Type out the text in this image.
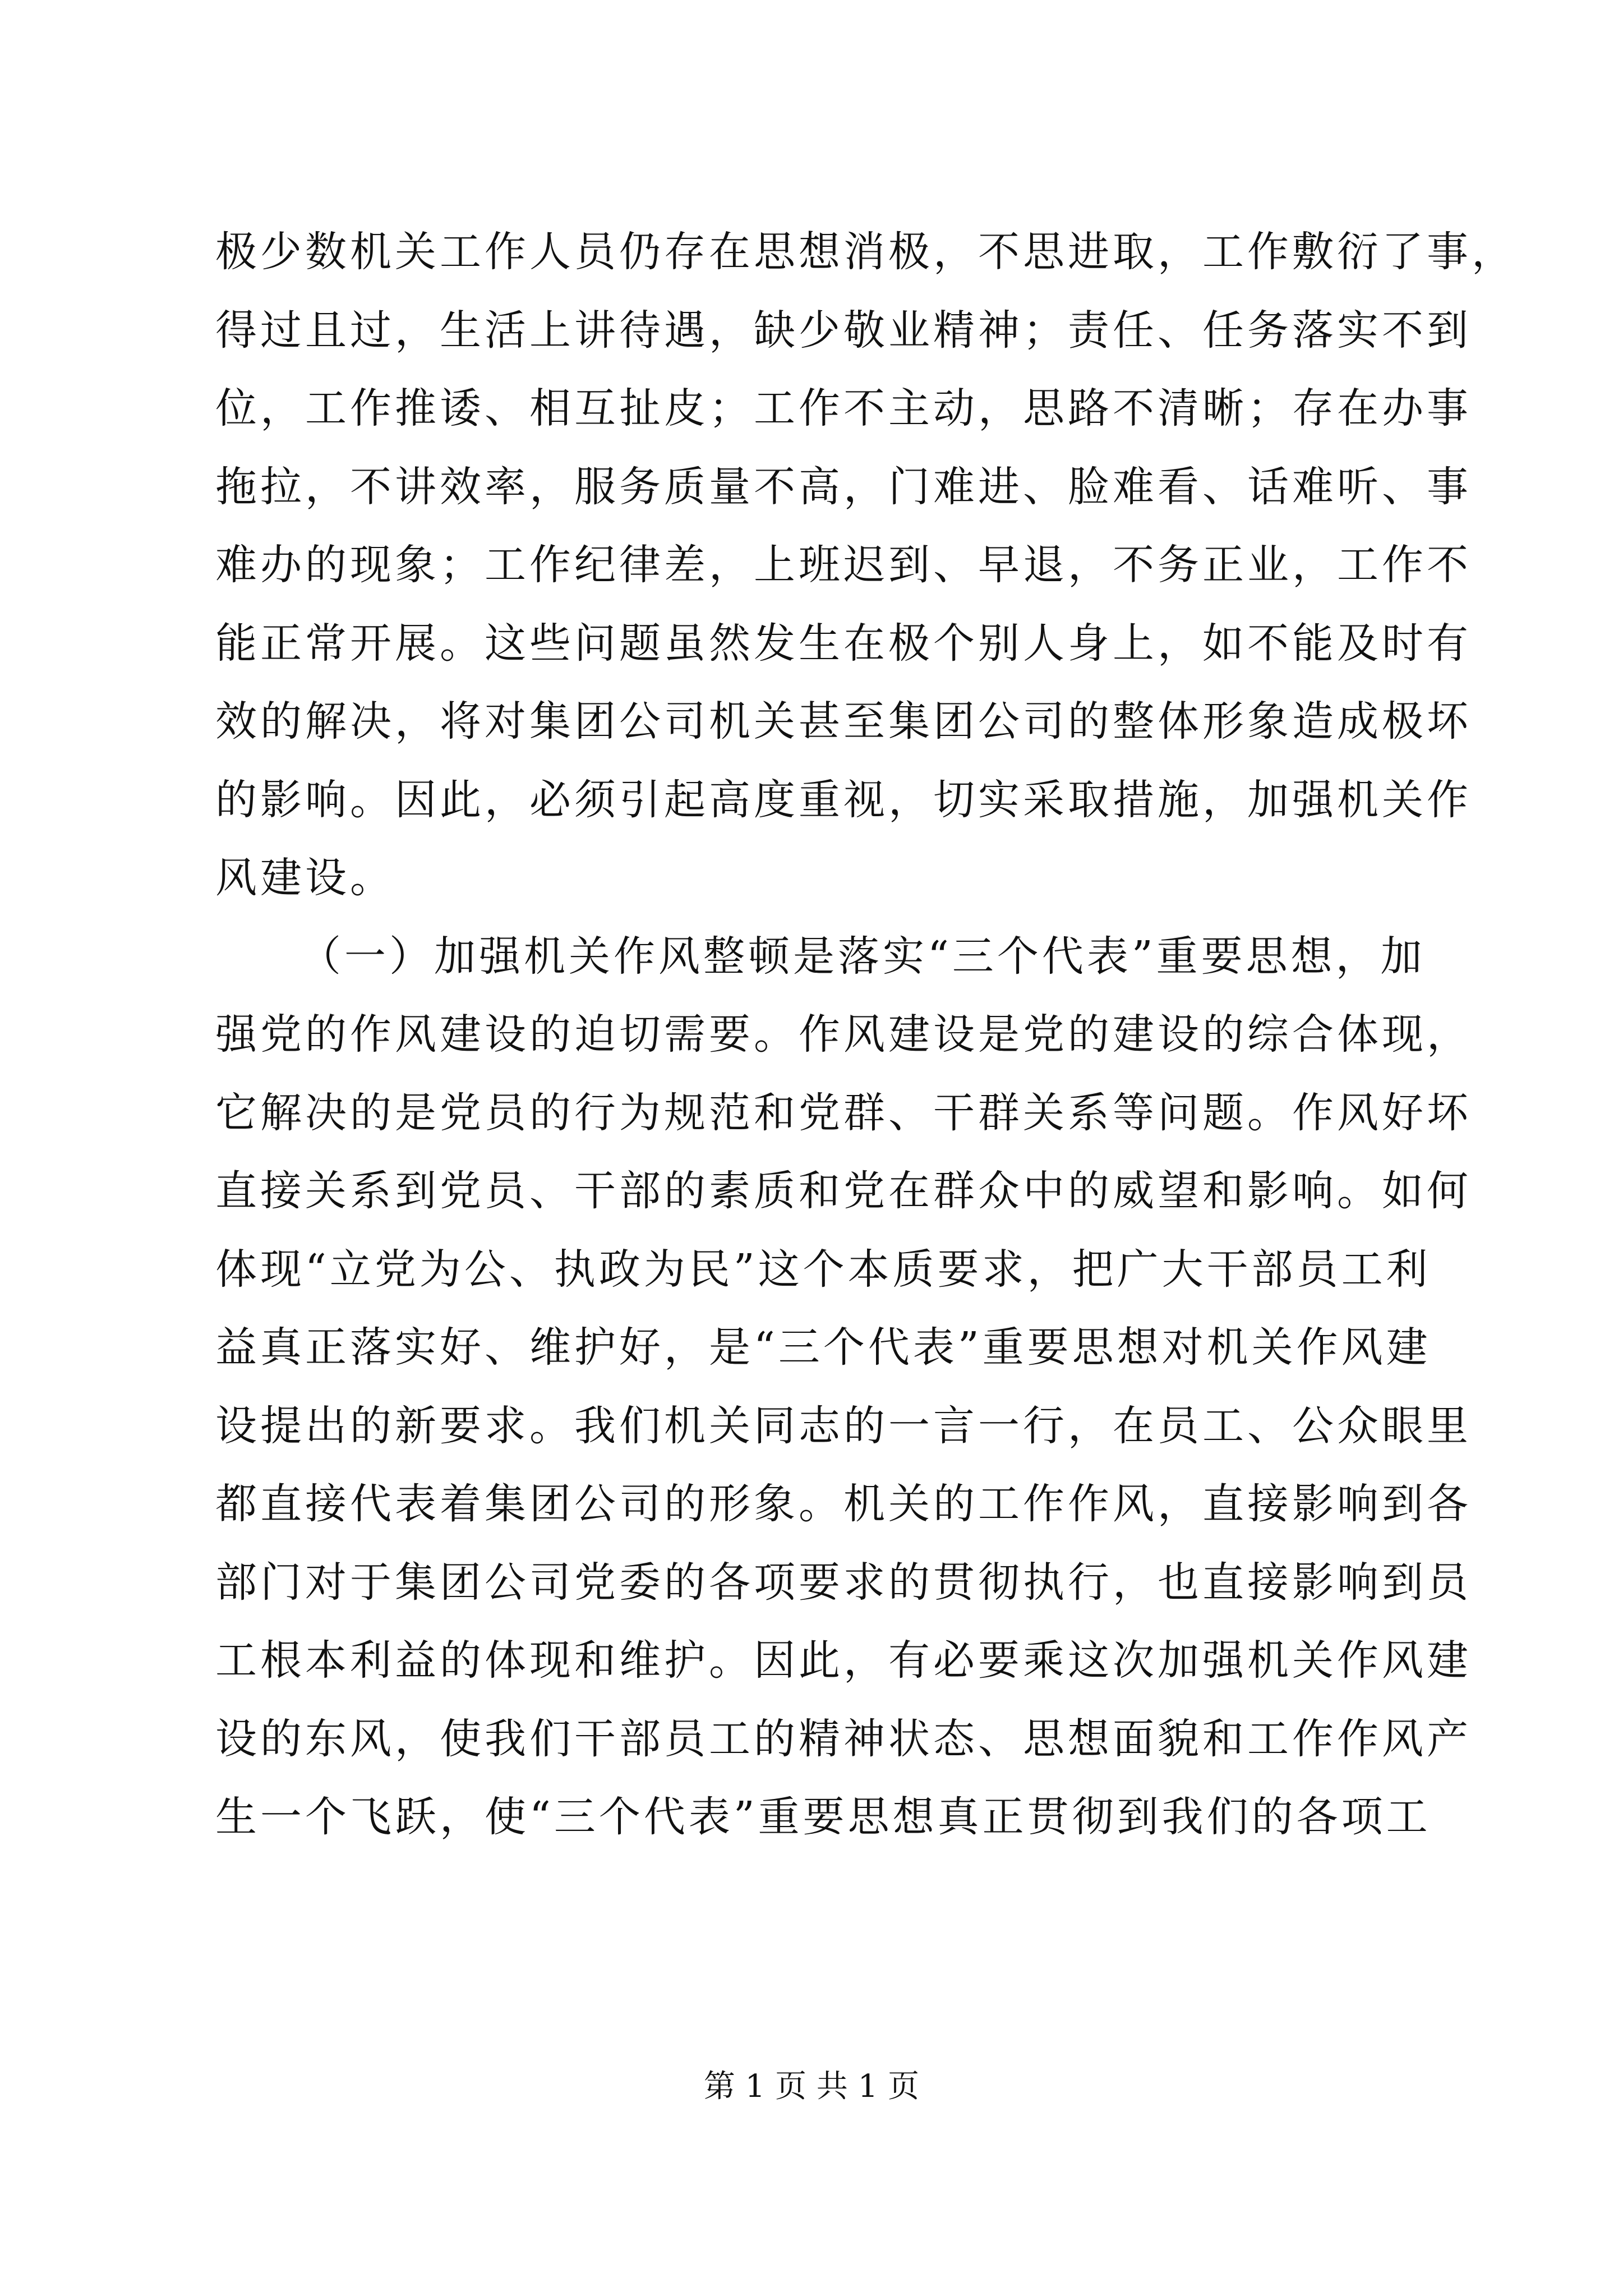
极少数机关工作人员仍存在思想消极，不思进取，工作敷衍了事，
得过且过，生活上讲待遇，缺少敬业精神；责任、任务落实不到
位，工作推诿、相互扯皮；工作不主动，思路不清晰；存在办事
拖拉，不讲效率，服务质量不高，门难进、脸难看、话难听、事
难办的现象；工作纪律差，上班迟到、早退，不务正业，工作不
能正常开展。这些问题虽然发生在极个别人身上，如不能及时有
效的解决，将对集团公司机关甚至集团公司的整体形象造成极坏
的影响。因此，必须引起高度重视，切实采取措施，加强机关作
风建设。
（一）加强机关作风整顿是落实“三个代表”重要思想，加
强党的作风建设的迫切需要。作风建设是党的建设的综合体现，
它解决的是党员的行为规范和党群、干群关系等问题。作风好坏
直接关系到党员、干部的素质和党在群众中的威望和影响。如何
体现“立党为公、执政为民”这个本质要求，把广大干部员工利
益真正落实好、维护好，是“三个代表”重要思想对机关作风建
设提出的新要求。我们机关同志的一言一行，在员工、公众眼里
都直接代表着集团公司的形象。机关的工作作风，直接影响到各
部门对于集团公司党委的各项要求的贯彻执行，也直接影响到员
工根本利益的体现和维护。因此，有必要乘这次加强机关作风建
设的东风，使我们干部员工的精神状态、思想面貌和工作作风产
生一个飞跃，使“三个代表”重要思想真正贯彻到我们的各项工
第 1 页 共 1 页
